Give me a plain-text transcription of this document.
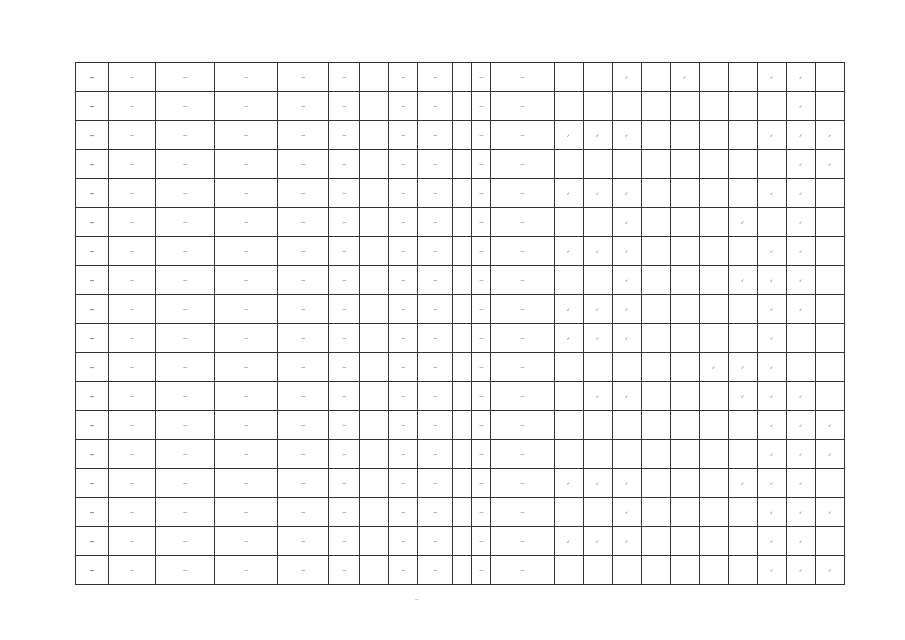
—	—	—	—	—	—		—	—		—	—			✓		✓			✓	✓	
—	—	—	—	—	—		—	—		—	—									✓	
—	—	—	—	—	—		—	—		—	—	✓	✓	✓					✓	✓	✓
—	—	—	—	—	—		—	—		—	—									✓	✓
—	—	—	—	—	—		—	—		—	—	✓	✓	✓					✓	✓	
—	—	—	—	—	—		—	—		—	—			✓				✓		✓	
—	—	—	—	—	—		—	—		—	—	✓	✓	✓					✓	✓	
—	—	—	—	—	—		—	—		—	—			✓				✓	✓	✓	
—	—	—	—	—	—		—	—		—	—	✓	✓	✓					✓	✓	
—	—	—	—	—	—		—	—		—	—	✓	✓	✓					✓		
—	—	—	—	—	—		—	—		—	—						✓	✓	✓		
—	—	—	—	—	—		—	—		—	—		✓	✓				✓	✓	✓	
—	—	—	—	—	—		—	—		—	—								✓	✓	✓
—	—	—	—	—	—		—	—		—	—								✓	✓	✓
—	—	—	—	—	—		—	—		—	—	✓	✓	✓				✓	✓	✓	
—	—	—	—	—	—		—	—		—	—			✓					✓	✓	✓
—	—	—	—	—	—		—	—		—	—	✓	✓	✓					✓	✓	
—	—	—	—	—	—		—	—		—	—								✓	✓	✓
—
